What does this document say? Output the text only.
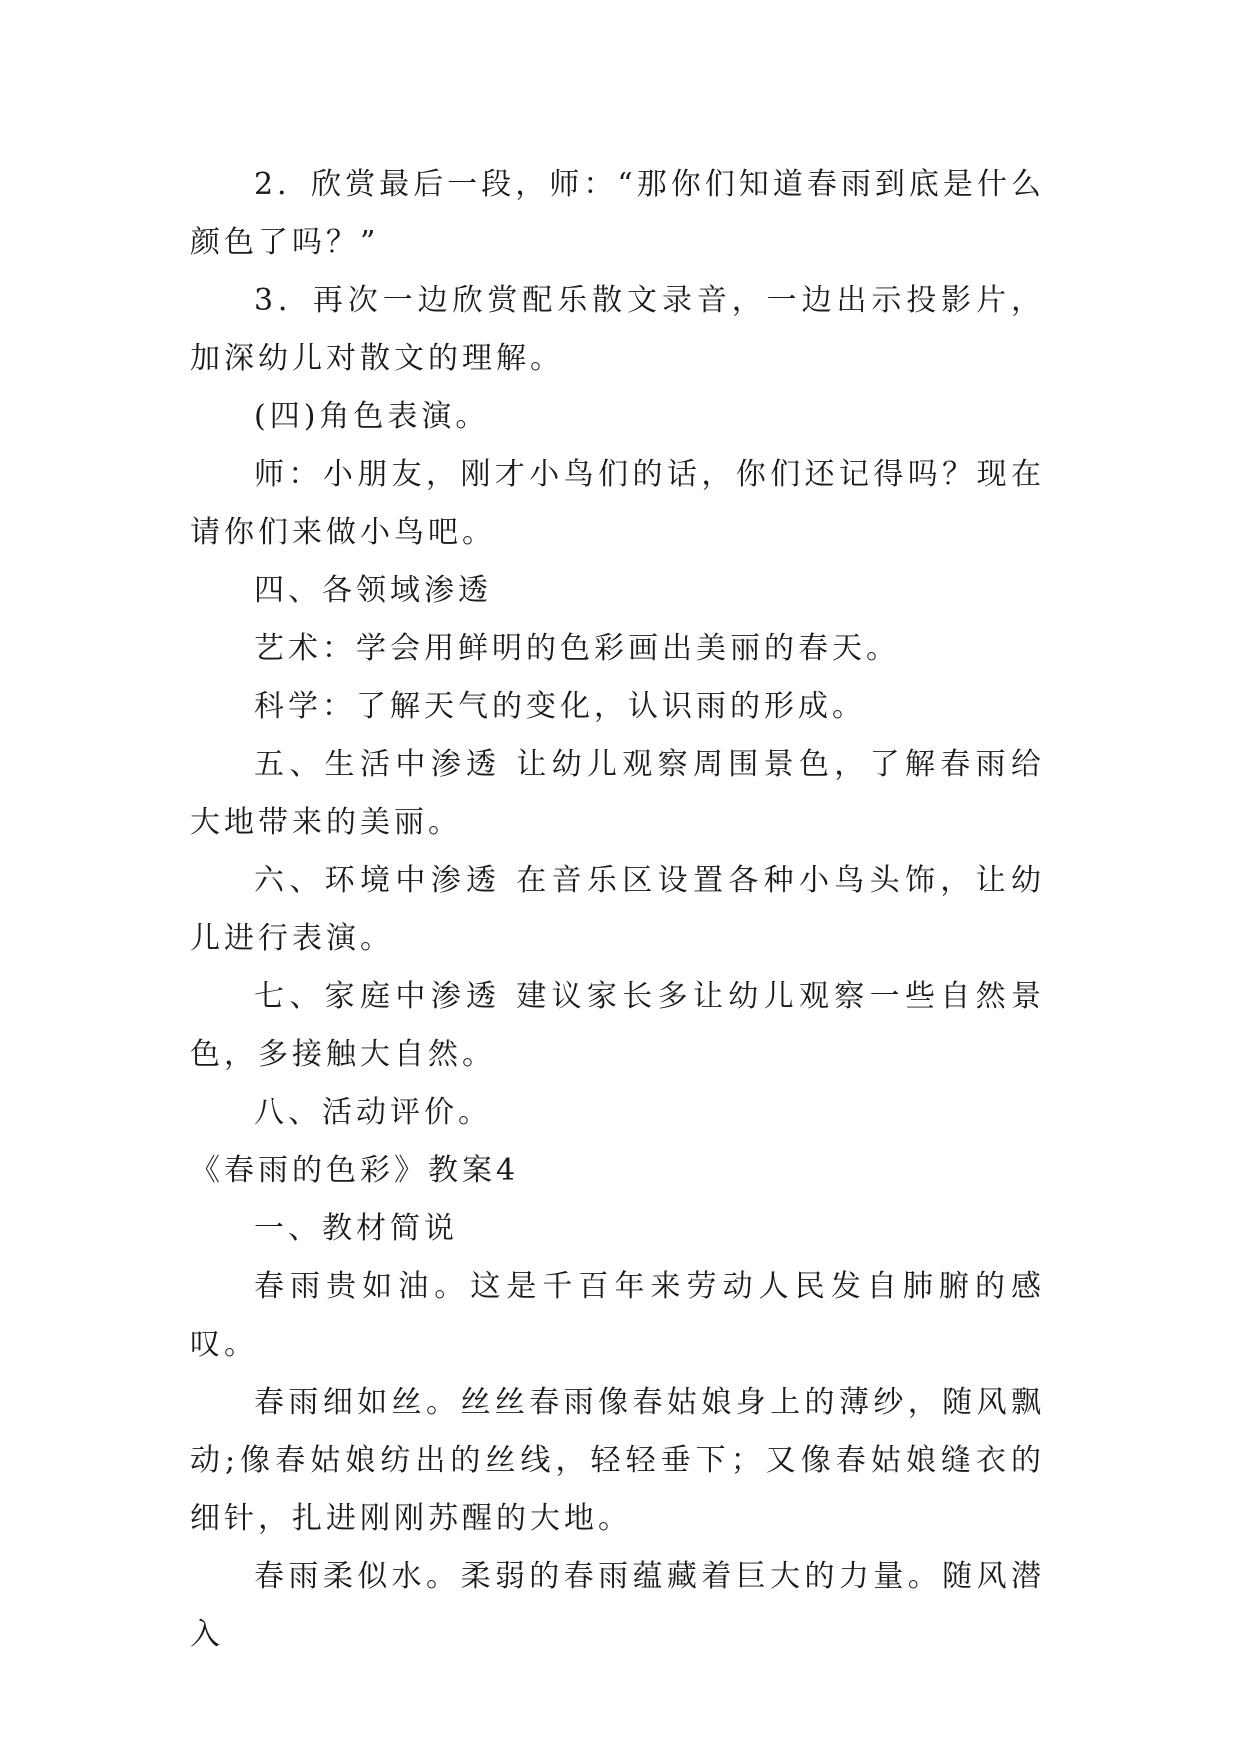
2．欣赏最后一段，师：“那你们知道春雨到底是什么颜色了吗？”

3．再次一边欣赏配乐散文录音，一边出示投影片，加深幼儿对散文的理解。

(四)角色表演。

师：小朋友，刚才小鸟们的话，你们还记得吗？现在请你们来做小鸟吧。

四、各领域渗透

艺术：学会用鲜明的色彩画出美丽的春天。

科学：了解天气的变化，认识雨的形成。

五、生活中渗透 让幼儿观察周围景色，了解春雨给大地带来的美丽。

六、环境中渗透 在音乐区设置各种小鸟头饰，让幼儿进行表演。

七、家庭中渗透 建议家长多让幼儿观察一些自然景色，多接触大自然。

八、活动评价。

《春雨的色彩》教案4

一、教材简说

春雨贵如油。这是千百年来劳动人民发自肺腑的感叹。

春雨细如丝。丝丝春雨像春姑娘身上的薄纱，随风飘动;像春姑娘纺出的丝线，轻轻垂下；又像春姑娘缝衣的细针，扎进刚刚苏醒的大地。

春雨柔似水。柔弱的春雨蕴藏着巨大的力量。随风潜入
